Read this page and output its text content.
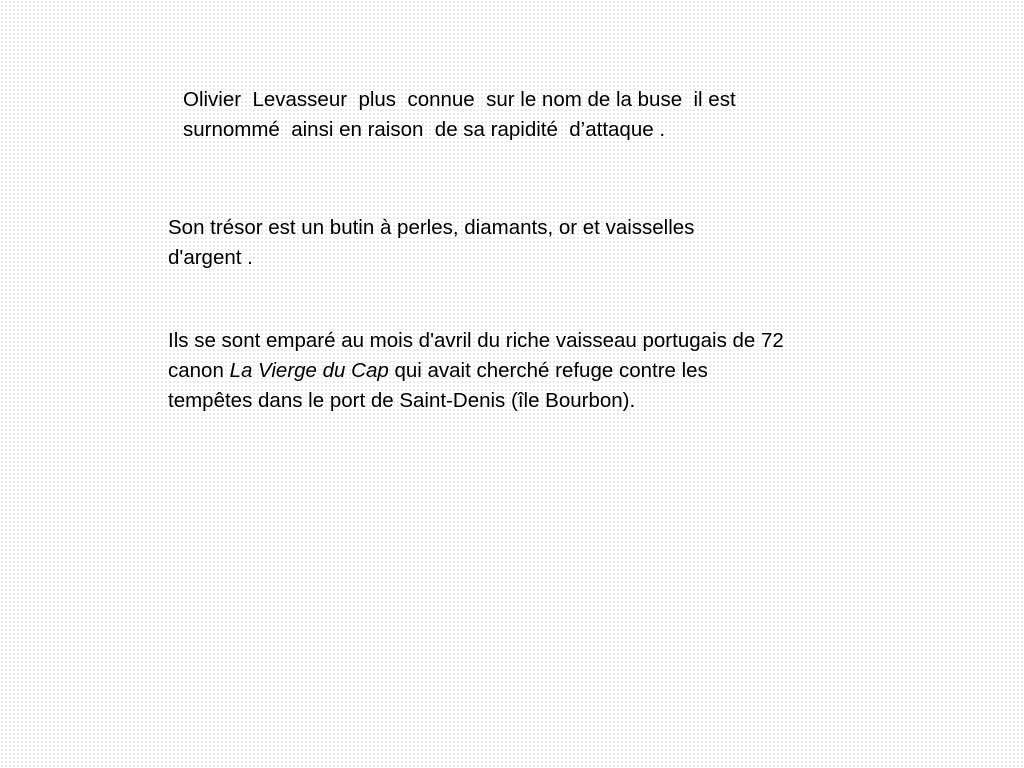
Olivier  Levasseur  plus  connue  sur le nom de la buse  il est
surnommé  ainsi en raison  de sa rapidité  d’attaque .

Son trésor est un butin à perles, diamants, or et vaisselles
d'argent .

Ils se sont emparé au mois d'avril du riche vaisseau portugais de 72
canon La Vierge du Cap qui avait cherché refuge contre les
tempêtes dans le port de Saint-Denis (île Bourbon).
